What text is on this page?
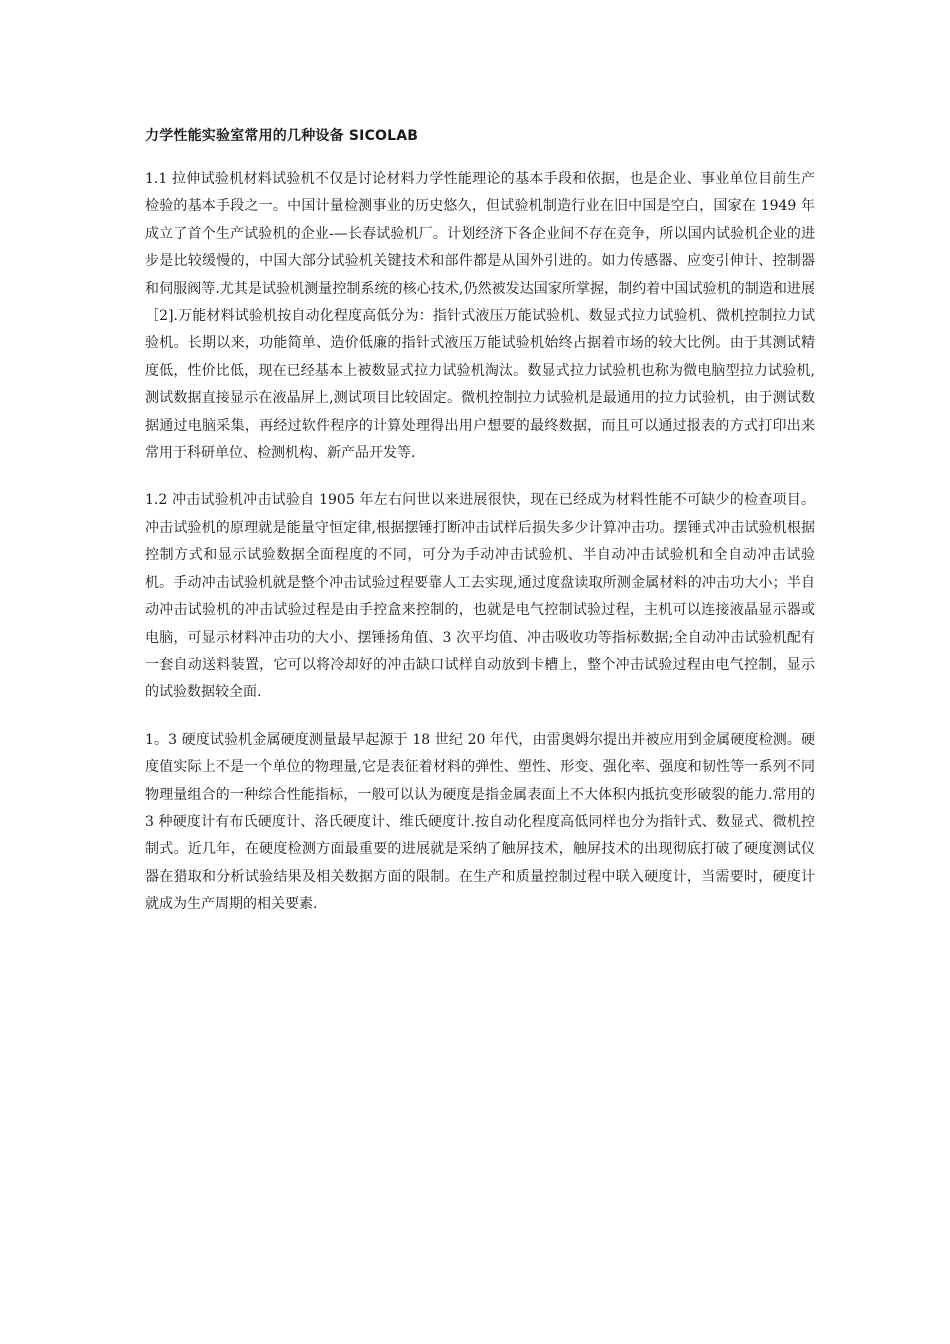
力学性能实验室常用的几种设备 SICOLAB

1.1 拉伸试验机材料试验机不仅是讨论材料力学性能理论的基本手段和依据，也是企业、事业单位目前生产检验的基本手段之一。中国计量检测事业的历史悠久，但试验机制造行业在旧中国是空白，国家在 1949 年成立了首个生产试验机的企业-—长春试验机厂。计划经济下各企业间不存在竞争，所以国内试验机企业的进步是比较缓慢的，中国大部分试验机关键技术和部件都是从国外引进的。如力传感器、应变引伸计、控制器和伺服阀等.尤其是试验机测量控制系统的核心技术,仍然被发达国家所掌握，制约着中国试验机的制造和进展［2].万能材料试验机按自动化程度高低分为：指针式液压万能试验机、数显式拉力试验机、微机控制拉力试验机。长期以来，功能简单、造价低廉的指针式液压万能试验机始终占据着市场的较大比例。由于其测试精度低，性价比低，现在已经基本上被数显式拉力试验机淘汰。数显式拉力试验机也称为微电脑型拉力试验机,测试数据直接显示在液晶屏上,测试项目比较固定。微机控制拉力试验机是最通用的拉力试验机，由于测试数据通过电脑采集，再经过软件程序的计算处理得出用户想要的最终数据，而且可以通过报表的方式打印出来常用于科研单位、检测机构、新产品开发等.

1.2 冲击试验机冲击试验自 1905 年左右问世以来进展很快，现在已经成为材料性能不可缺少的检查项目。冲击试验机的原理就是能量守恒定律,根据摆锤打断冲击试样后损失多少计算冲击功。摆锤式冲击试验机根据控制方式和显示试验数据全面程度的不同，可分为手动冲击试验机、半自动冲击试验机和全自动冲击试验机。手动冲击试验机就是整个冲击试验过程要靠人工去实现,通过度盘读取所测金属材料的冲击功大小；半自动冲击试验机的冲击试验过程是由手控盒来控制的，也就是电气控制试验过程，主机可以连接液晶显示器或电脑，可显示材料冲击功的大小、摆锤扬角值、3 次平均值、冲击吸收功等指标数据;全自动冲击试验机配有一套自动送料装置，它可以将冷却好的冲击缺口试样自动放到卡槽上，整个冲击试验过程由电气控制，显示的试验数据较全面.

1。3 硬度试验机金属硬度测量最早起源于 18 世纪 20 年代，由雷奥姆尔提出并被应用到金属硬度检测。硬度值实际上不是一个单位的物理量,它是表征着材料的弹性、塑性、形变、强化率、强度和韧性等一系列不同物理量组合的一种综合性能指标，一般可以认为硬度是指金属表面上不大体积内抵抗变形破裂的能力.常用的 3 种硬度计有布氏硬度计、洛氏硬度计、维氏硬度计.按自动化程度高低同样也分为指针式、数显式、微机控制式。近几年，在硬度检测方面最重要的进展就是采纳了触屏技术，触屏技术的出现彻底打破了硬度测试仪器在猎取和分析试验结果及相关数据方面的限制。在生产和质量控制过程中联入硬度计，当需要时，硬度计就成为生产周期的相关要素.
